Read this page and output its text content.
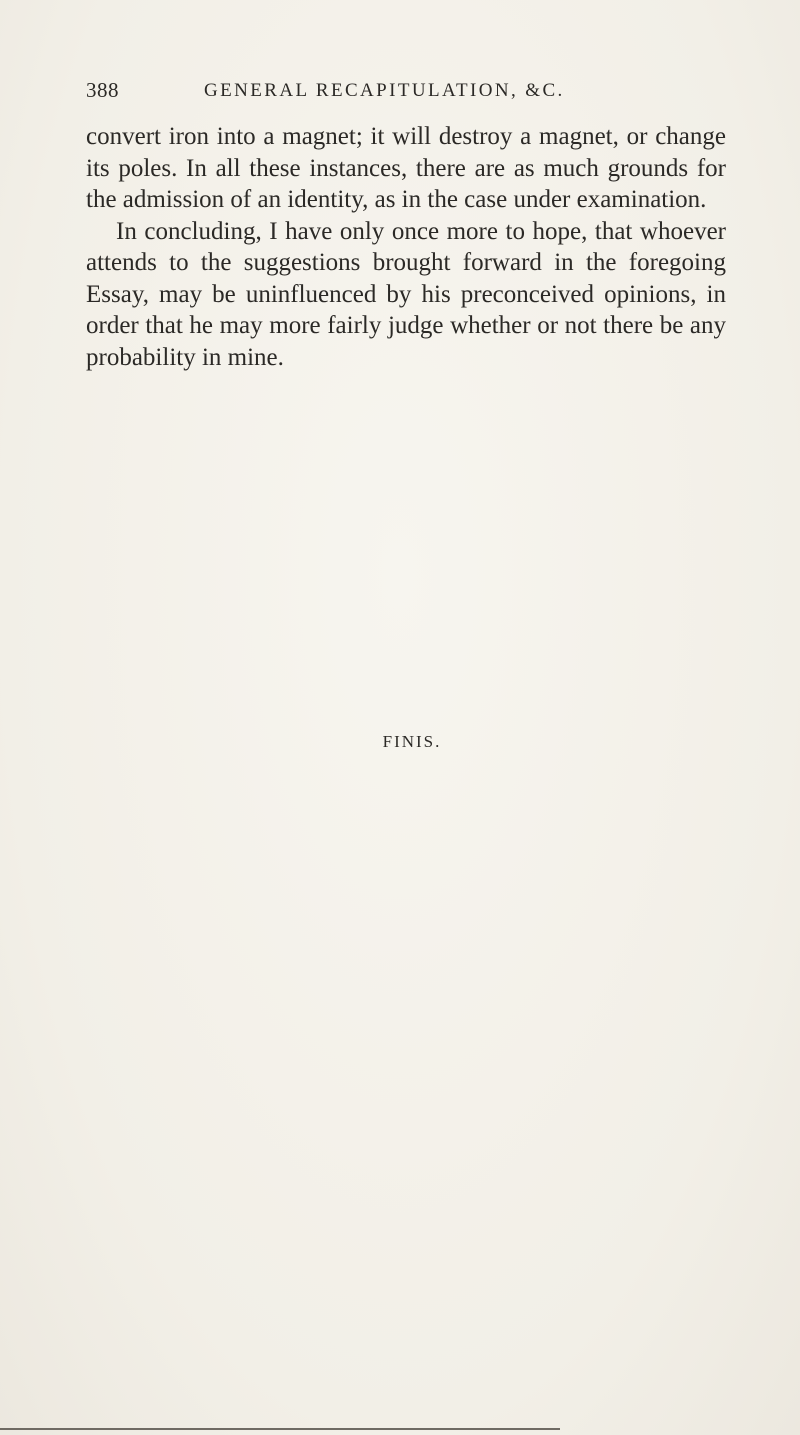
388	GENERAL RECAPITULATION, &C.

convert iron into a magnet; it will destroy a magnet, or change its poles. In all these instances, there are as much grounds for the admission of an identity, as in the case under examination.

In concluding, I have only once more to hope, that whoever attends to the suggestions brought forward in the foregoing Essay, may be uninfluenced by his preconceived opinions, in order that he may more fairly judge whether or not there be any probability in mine.

FINIS.
